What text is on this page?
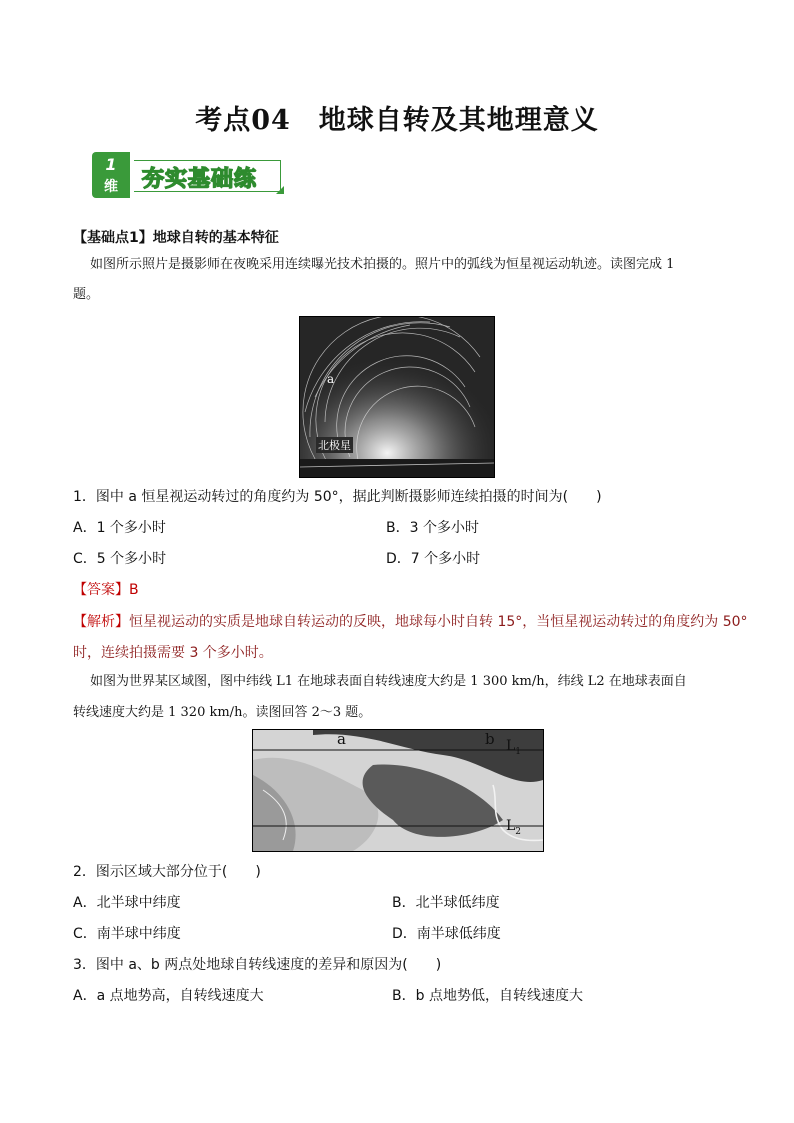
考点04　地球自转及其地理意义
1
维	夯实基础练
【基础点1】地球自转的基本特征
如图所示照片是摄影师在夜晚采用连续曝光技术拍摄的。照片中的弧线为恒星视运动轨迹。读图完成 1
题。
a
北极星
1．图中 a 恒星视运动转过的角度约为 50°，据此判断摄影师连续拍摄的时间为(　　)
A．1 个多小时	B．3 个多小时
C．5 个多小时	D．7 个多小时
【答案】B
【解析】恒星视运动的实质是地球自转运动的反映，地球每小时自转 15°，当恒星视运动转过的角度约为 50°
时，连续拍摄需要 3 个多小时。
如图为世界某区域图，图中纬线 L1 在地球表面自转线速度大约是 1 300 km/h，纬线 L2 在地球表面自
转线速度大约是 1 320 km/h。读图回答 2～3 题。
a	b $L_1$
$L_2$
2．图示区域大部分位于(　　)
A．北半球中纬度	B．北半球低纬度
C．南半球中纬度	D．南半球低纬度
3．图中 a、b 两点处地球自转线速度的差异和原因为(　　)
A．a 点地势高，自转线速度大	B．b 点地势低，自转线速度大
